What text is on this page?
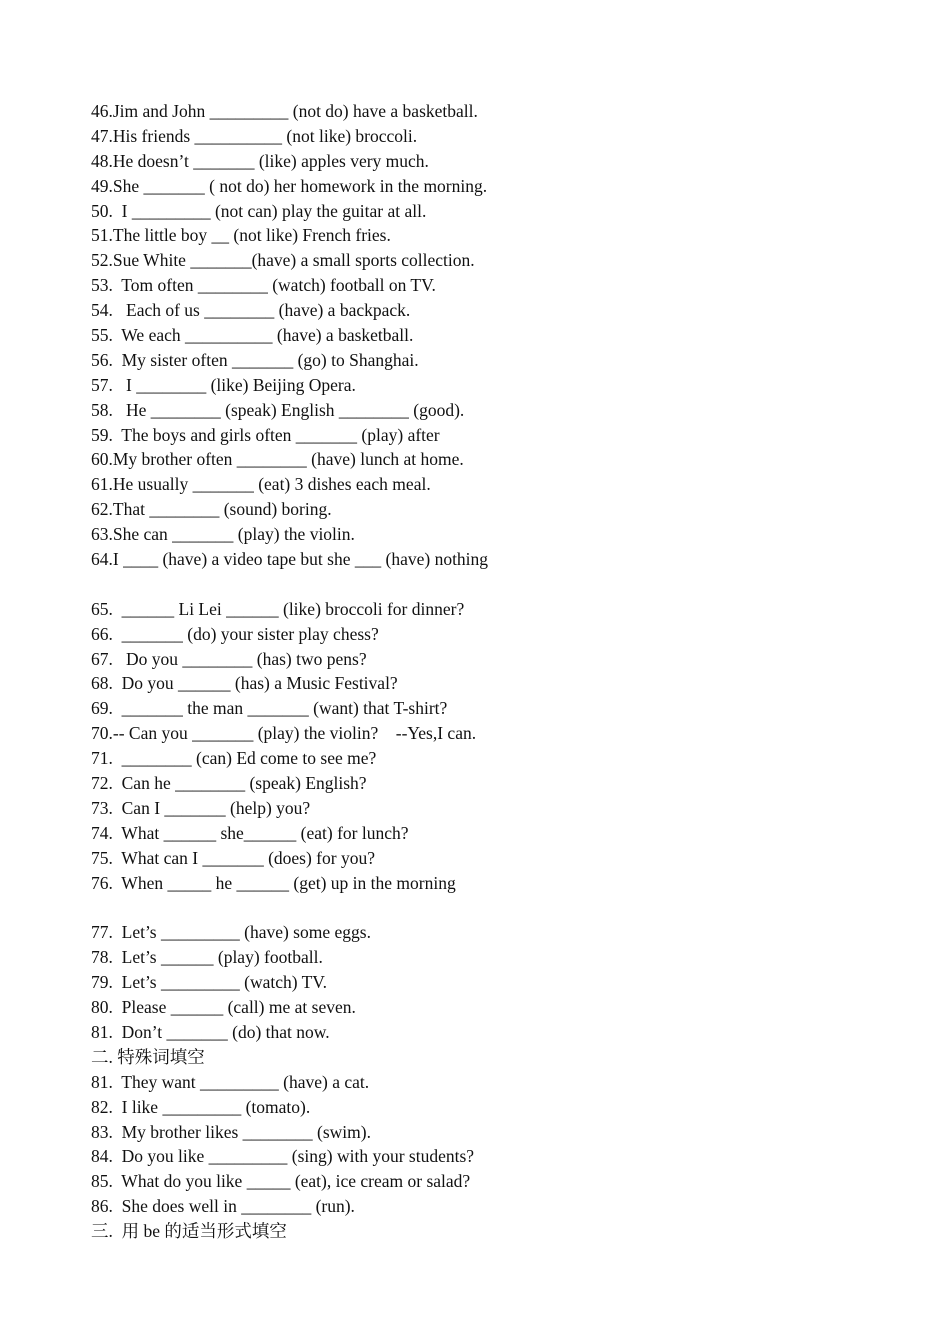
46.Jim and John _________ (not do) have a basketball.
47.His friends __________ (not like) broccoli.
48.He doesn’t _______ (like) apples very much.
49.She _______ ( not do) her homework in the morning.
50.  I _________ (not can) play the guitar at all.
51.The little boy __ (not like) French fries.
52.Sue White _______(have) a small sports collection.
53.  Tom often ________ (watch) football on TV.
54.   Each of us ________ (have) a backpack.
55.  We each __________ (have) a basketball.
56.  My sister often _______ (go) to Shanghai.
57.   I ________ (like) Beijing Opera.
58.   He ________ (speak) English ________ (good).
59.  The boys and girls often _______ (play) after
60.My brother often ________ (have) lunch at home.
61.He usually _______ (eat) 3 dishes each meal.
62.That ________ (sound) boring.
63.She can _______ (play) the violin.
64.I ____ (have) a video tape but she ___ (have) nothing
65.  ______ Li Lei ______ (like) broccoli for dinner?
66.  _______ (do) your sister play chess?
67.   Do you ________ (has) two pens?
68.  Do you ______ (has) a Music Festival?
69.  _______ the man _______ (want) that T-shirt?
70.-- Can you _______ (play) the violin?    --Yes,I can.
71.  ________ (can) Ed come to see me?
72.  Can he ________ (speak) English?
73.  Can I _______ (help) you?
74.  What ______ she______ (eat) for lunch?
75.  What can I _______ (does) for you?
76.  When _____ he ______ (get) up in the morning
77.  Let’s _________ (have) some eggs.
78.  Let’s ______ (play) football.
79.  Let’s _________ (watch) TV.
80.  Please ______ (call) me at seven.
81.  Don’t _______ (do) that now.
二. 特殊词填空
81.  They want _________ (have) a cat.
82.  I like _________ (tomato).
83.  My brother likes ________ (swim).
84.  Do you like _________ (sing) with your students?
85.  What do you like _____ (eat), ice cream or salad?
86.  She does well in ________ (run).
三.  用 be 的适当形式填空
